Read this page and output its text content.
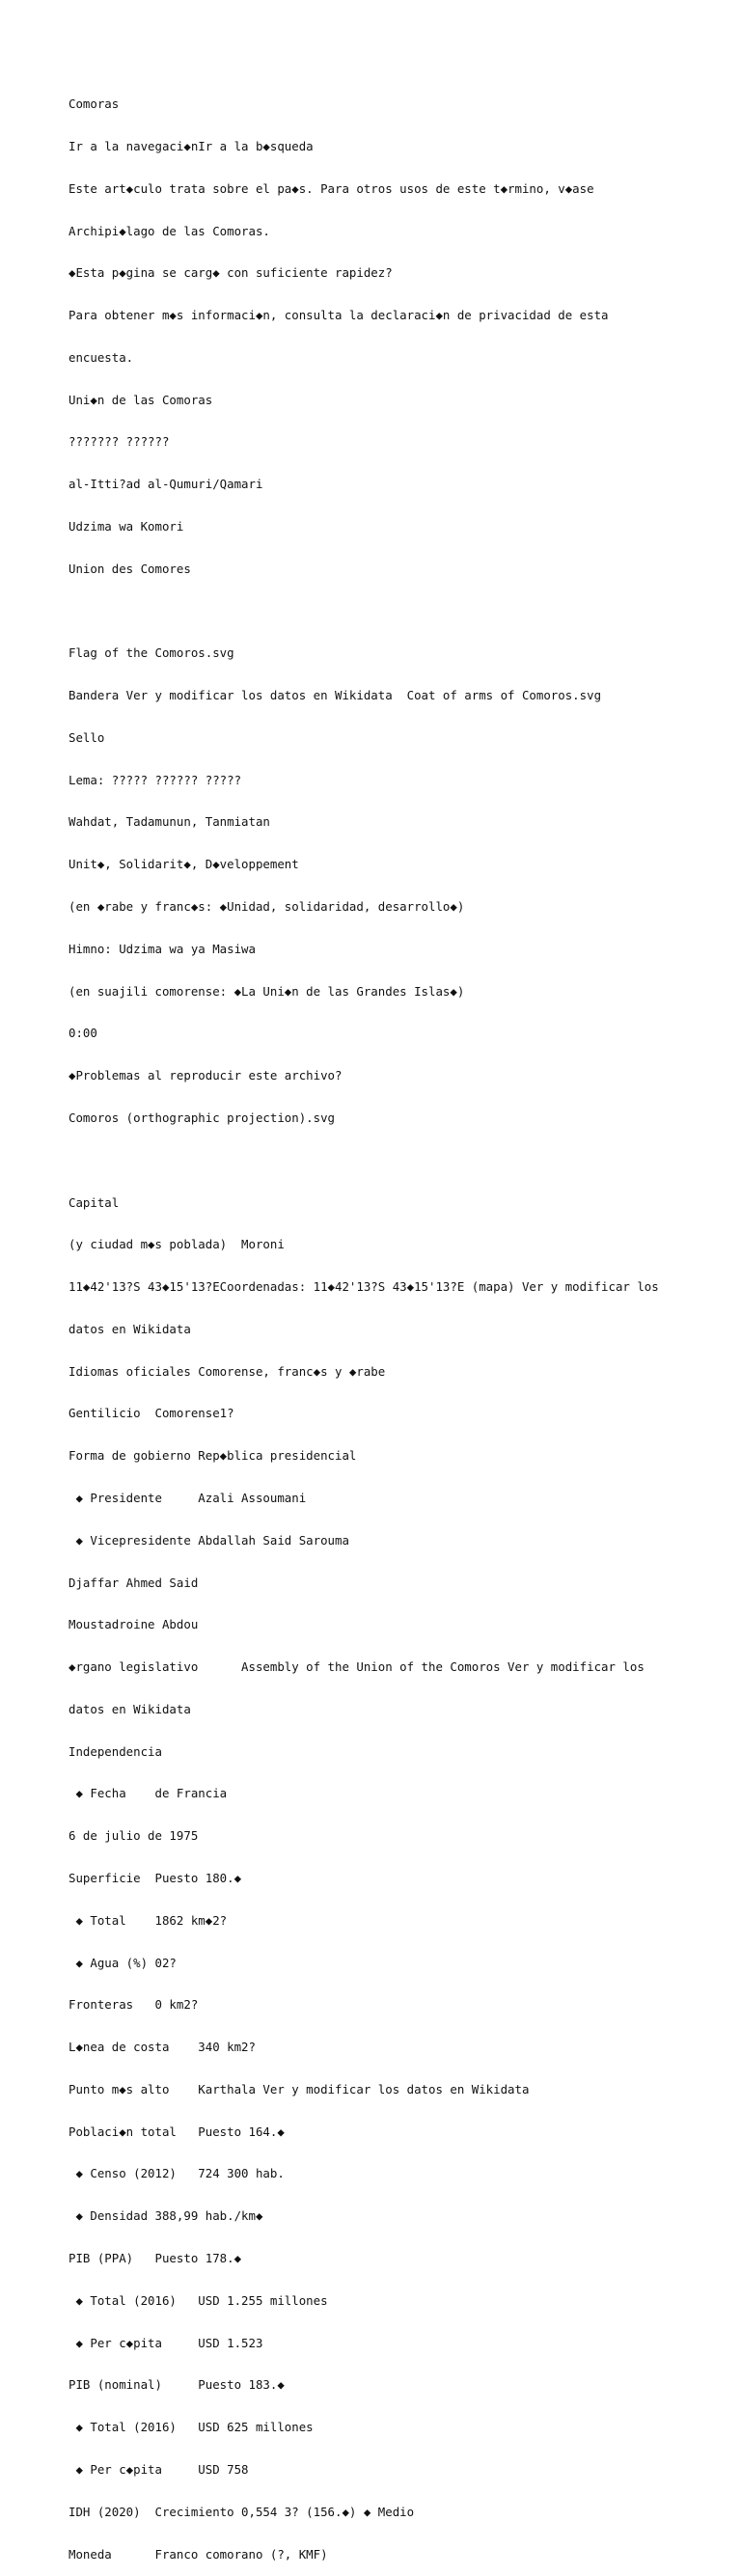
Comoras

Ir a la navegaci◆nIr a la b◆squeda

Este art◆culo trata sobre el pa◆s. Para otros usos de este t◆rmino, v◆ase

Archipi◆lago de las Comoras.

◆Esta p◆gina se carg◆ con suficiente rapidez?

Para obtener m◆s informaci◆n, consulta la declaraci◆n de privacidad de esta

encuesta.

Uni◆n de las Comoras

??????? ??????

al-Itti?ad al-Qumuri/Qamari

Udzima wa Komori

Union des Comores

Flag of the Comoros.svg

Bandera Ver y modificar los datos en Wikidata  Coat of arms of Comoros.svg

Sello

Lema: ????? ?????? ?????

Wahdat, Tadamunun, Tanmiatan

Unit◆, Solidarit◆, D◆veloppement

(en ◆rabe y franc◆s: ◆Unidad, solidaridad, desarrollo◆)

Himno: Udzima wa ya Masiwa

(en suajili comorense: ◆La Uni◆n de las Grandes Islas◆)

0:00

◆Problemas al reproducir este archivo?

Comoros (orthographic projection).svg

Capital

(y ciudad m◆s poblada)  Moroni

11◆42'13?S 43◆15'13?ECoordenadas: 11◆42'13?S 43◆15'13?E (mapa) Ver y modificar los

datos en Wikidata

Idiomas oficiales Comorense, franc◆s y ◆rabe

Gentilicio  Comorense1?

Forma de gobierno Rep◆blica presidencial

◆ Presidente     Azali Assoumani

◆ Vicepresidente Abdallah Said Sarouma

Djaffar Ahmed Said

Moustadroine Abdou

◆rgano legislativo      Assembly of the Union of the Comoros Ver y modificar los

datos en Wikidata

Independencia

◆ Fecha    de Francia

6 de julio de 1975

Superficie  Puesto 180.◆

◆ Total    1862 km◆2?

◆ Agua (%) 02?

Fronteras   0 km2?

L◆nea de costa    340 km2?

Punto m◆s alto    Karthala Ver y modificar los datos en Wikidata

Poblaci◆n total   Puesto 164.◆

◆ Censo (2012)   724 300 hab.

◆ Densidad 388,99 hab./km◆

PIB (PPA)   Puesto 178.◆

◆ Total (2016)   USD 1.255 millones

◆ Per c◆pita     USD 1.523

PIB (nominal)     Puesto 183.◆

◆ Total (2016)   USD 625 millones

◆ Per c◆pita     USD 758

IDH (2020)  Crecimiento 0,554 3? (156.◆) ◆ Medio

Moneda      Franco comorano (?, KMF)
